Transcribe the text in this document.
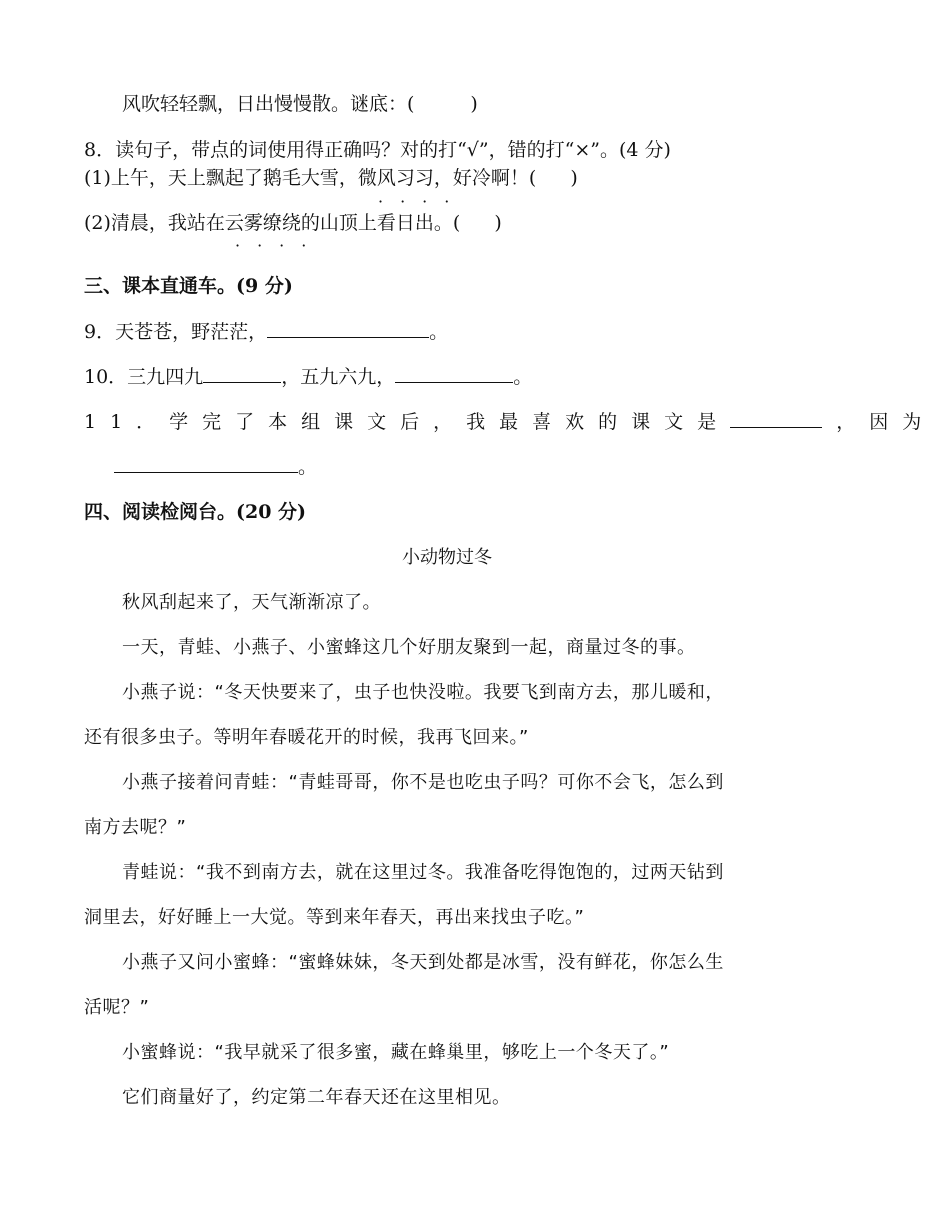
风吹轻轻飘，日出慢慢散。谜底：(	)
8．读句子，带点的词使用得正确吗？对的打“√”，错的打“×”。(4 分)
(1)上午，天上飘起了鹅毛大雪，微风习习，好冷啊！( )
····
(2)清晨，我站在云雾缭绕的山顶上看日出。( )
····
三、课本直通车。(9 分)
9．天苍苍，野茫茫，	。
10．三九四九	，五九六九，	。
11．学完了本组课文后，我最喜欢的课文是	，因为
。
四、阅读检阅台。(20 分)
小动物过冬
秋风刮起来了，天气渐渐凉了。
一天，青蛙、小燕子、小蜜蜂这几个好朋友聚到一起，商量过冬的事。
小燕子说：“冬天快要来了，虫子也快没啦。我要飞到南方去，那儿暖和，
还有很多虫子。等明年春暖花开的时候，我再飞回来。”
小燕子接着问青蛙：“青蛙哥哥，你不是也吃虫子吗？可你不会飞，怎么到
南方去呢？”
青蛙说：“我不到南方去，就在这里过冬。我准备吃得饱饱的，过两天钻到
洞里去，好好睡上一大觉。等到来年春天，再出来找虫子吃。”
小燕子又问小蜜蜂：“蜜蜂妹妹，冬天到处都是冰雪，没有鲜花，你怎么生
活呢？”
小蜜蜂说：“我早就采了很多蜜，藏在蜂巢里，够吃上一个冬天了。”
它们商量好了，约定第二年春天还在这里相见。
